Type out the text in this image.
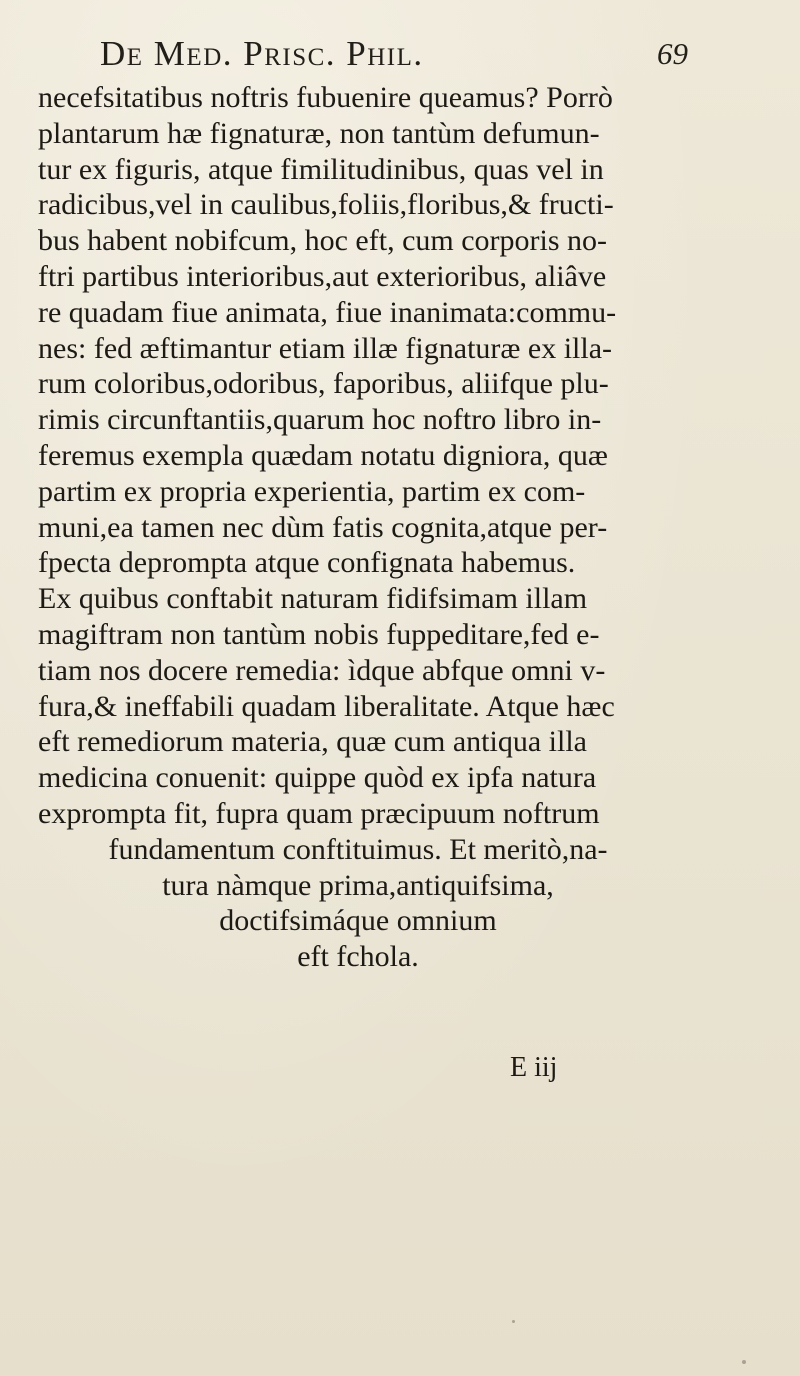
De Med. Prisc. Phil.	69
necefsitatibus noftris fubuenire queamus? Porrò
plantarum hæ fignaturæ, non tantùm defumun-
tur ex figuris, atque fimilitudinibus, quas vel in
radicibus,vel in caulibus,foliis,floribus,& fructi-
bus habent nobifcum, hoc eft, cum corporis no-
ftri partibus interioribus,aut exterioribus, aliâve
re quadam fiue animata, fiue inanimata:commu-
nes: fed æftimantur etiam illæ fignaturæ ex illa-
rum coloribus,odoribus, faporibus, aliifque plu-
rimis circunftantiis,quarum hoc noftro libro in-
feremus exempla quædam notatu digniora, quæ
partim ex propria experientia, partim ex com-
muni,ea tamen nec dùm fatis cognita,atque per-
fpecta deprompta atque confignata habemus.
Ex quibus conftabit naturam fidifsimam illam
magiftram non tantùm nobis fuppeditare,fed e-
tiam nos docere remedia: ìdque abfque omni v-
fura,& ineffabili quadam liberalitate. Atque hæc
eft remediorum materia, quæ cum antiqua illa
medicina conuenit: quippe quòd ex ipfa natura
exprompta fit, fupra quam præcipuum noftrum
fundamentum conftituimus. Et meritò,na-
tura nàmque prima,antiquifsima,
doctifsimáque omnium
eft fchola.
E iij
